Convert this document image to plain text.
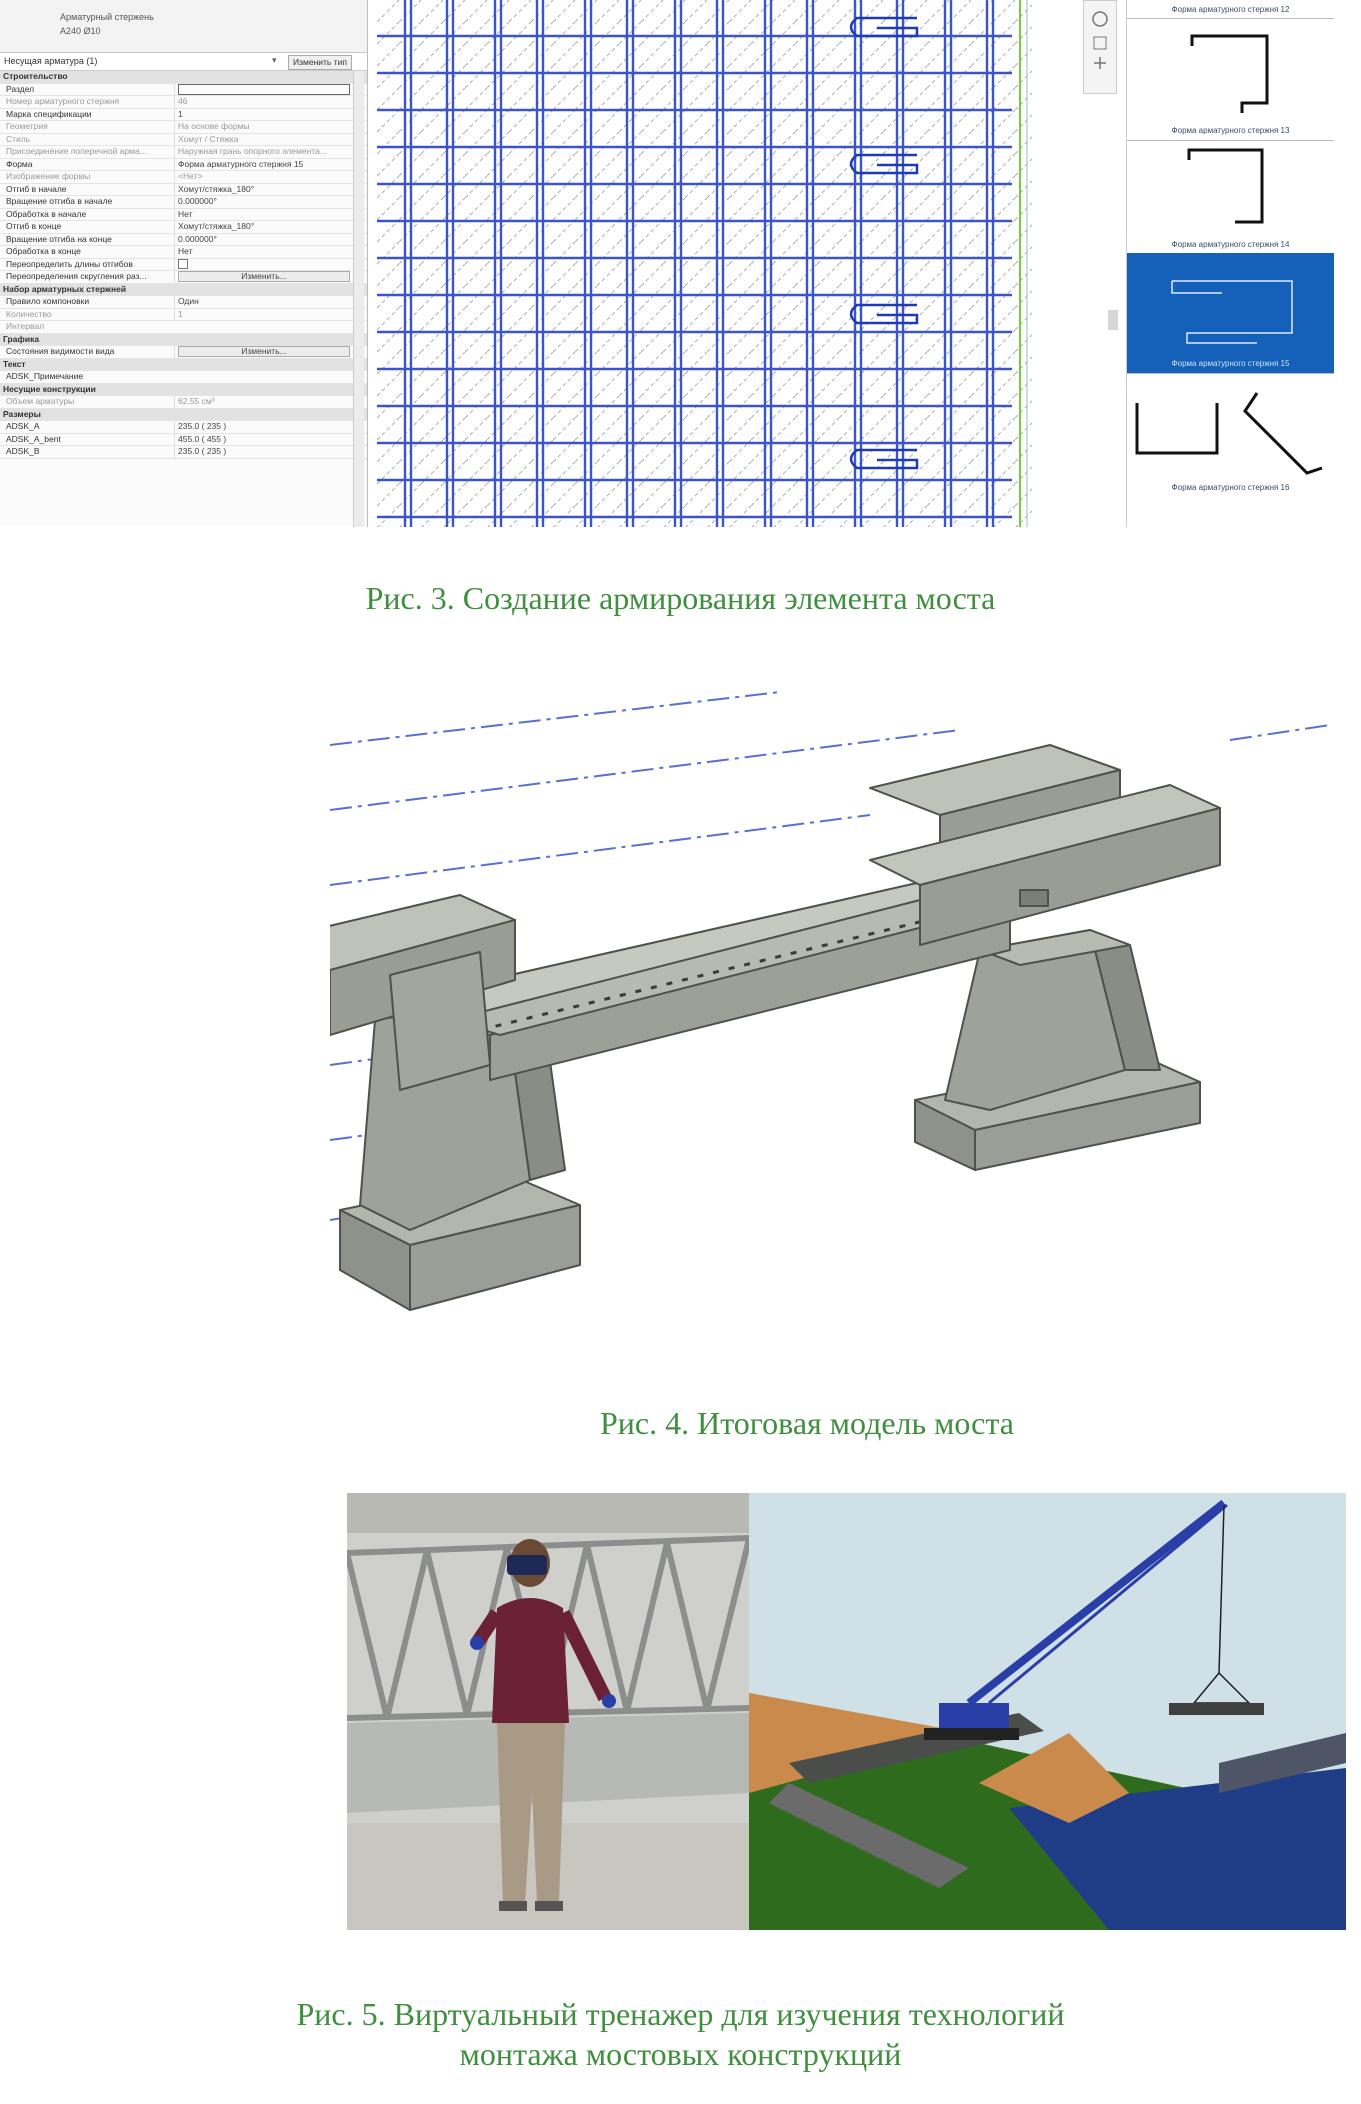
Арматурный стержень
А240 Ø10
Несущая арматура (1)	▾	Изменить тип
Строительство
Раздел
Номер арматурного стержня	46
Марка спецификации	1
Геометрия	На основе формы
Стиль	Хомут / Стяжка
Присоединение поперечной арма...	Наружная грань опорного элемента...
Форма	Форма арматурного стержня 15
Изображение формы	<Нет>
Отгиб в начале	Хомут/стяжка_180°
Вращение отгиба в начале	0.000000°
Обработка в начале	Нет
Отгиб в конце	Хомут/стяжка_180°
Вращение отгиба на конце	0.000000°
Обработка в конце	Нет
Переопределить длины отгибов
Переопределения скругления раз...	Изменить...
Набор арматурных стержней
Правило компоновки	Один
Количество	1
Интервал
Графика
Состояния видимости вида	Изменить...
Текст
ADSK_Примечание
Несущие конструкции
Объем арматуры	62.55 см³
Размеры
ADSK_A	235.0 ( 235 )
ADSK_A_bent	455.0 ( 455 )
ADSK_B	235.0 ( 235 )
Форма арматурного стержня 12
Форма арматурного стержня 13
Форма арматурного стержня 14
Форма арматурного стержня 15
Форма арматурного стержня 16
Рис. 3. Создание армирования элемента моста
Рис. 4. Итоговая модель моста
Рис. 5. Виртуальный тренажер для изучения технологий
монтажа мостовых конструкций
